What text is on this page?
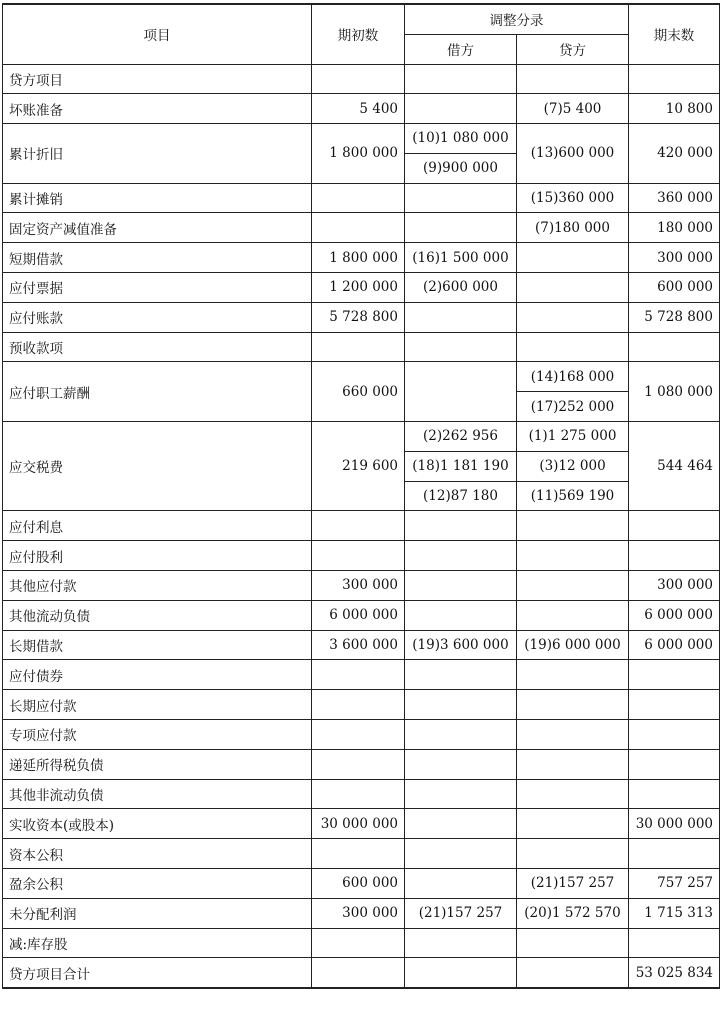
项目	期初数	调整分录		期末数
		借方	贷方	
贷方项目				
坏账准备	5 400		(7)5 400	10 800
累计折旧	1 800 000	(10)1 080 000	(13)600 000	420 000
		(9)900 000		
累计摊销			(15)360 000	360 000
固定资产减值准备			(7)180 000	180 000
短期借款	1 800 000	(16)1 500 000		300 000
应付票据	1 200 000	(2)600 000		600 000
应付账款	5 728 800			5 728 800
预收款项				
应付职工薪酬	660 000		(14)168 000	1 080 000
			(17)252 000	
应交税费	219 600	(2)262 956	(1)1 275 000	544 464
		(18)1 181 190	(3)12 000	
		(12)87 180	(11)569 190	
应付利息				
应付股利				
其他应付款	300 000			300 000
其他流动负债	6 000 000			6 000 000
长期借款	3 600 000	(19)3 600 000	(19)6 000 000	6 000 000
应付债券				
长期应付款				
专项应付款				
递延所得税负债				
其他非流动负债				
实收资本(或股本)	30 000 000			30 000 000
资本公积				
盈余公积	600 000		(21)157 257	757 257
未分配利润	300 000	(21)157 257	(20)1 572 570	1 715 313
减:库存股				
贷方项目合计				53 025 834
